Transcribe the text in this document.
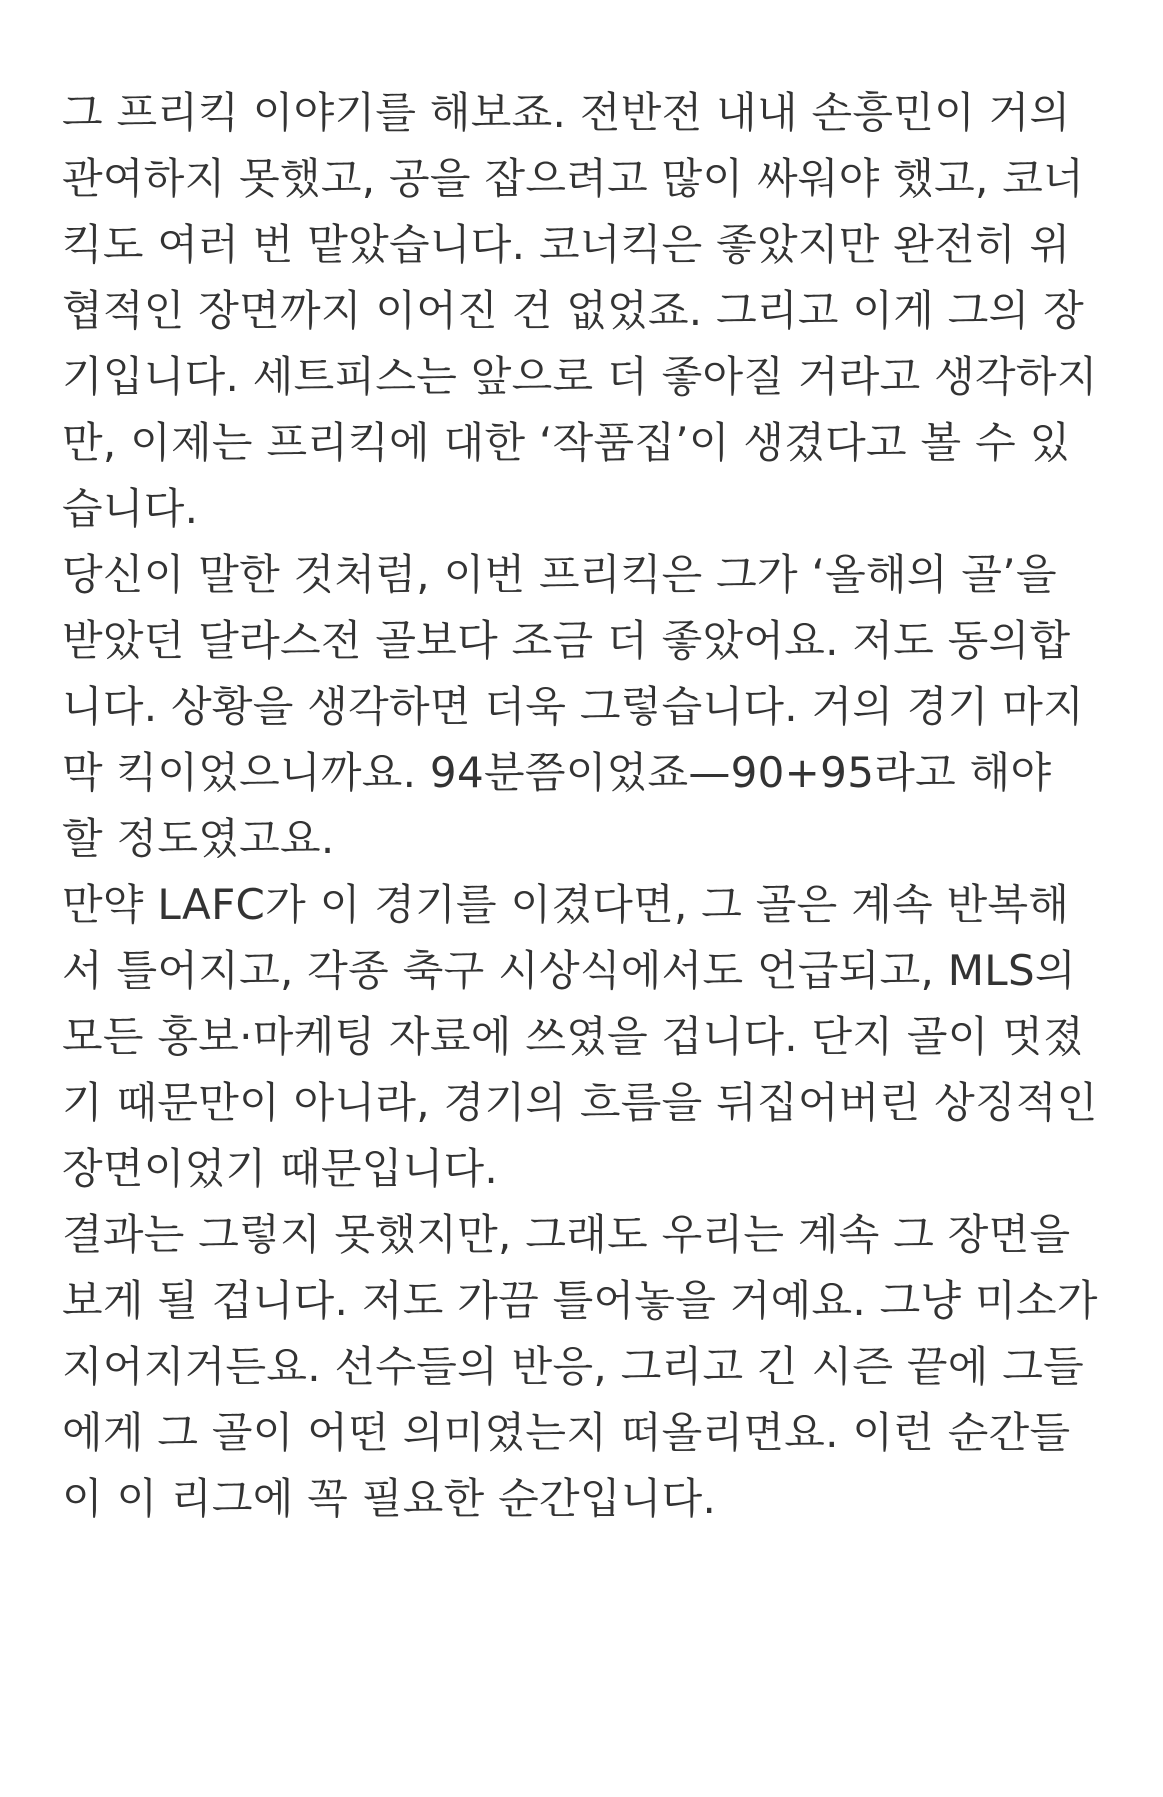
그 프리킥 이야기를 해보죠. 전반전 내내 손흥민이 거의
관여하지 못했고, 공을 잡으려고 많이 싸워야 했고, 코너
킥도 여러 번 맡았습니다. 코너킥은 좋았지만 완전히 위
협적인 장면까지 이어진 건 없었죠. 그리고 이게 그의 장
기입니다. 세트피스는 앞으로 더 좋아질 거라고 생각하지
만, 이제는 프리킥에 대한 ‘작품집’이 생겼다고 볼 수 있
습니다.
당신이 말한 것처럼, 이번 프리킥은 그가 ‘올해의 골’을
받았던 달라스전 골보다 조금 더 좋았어요. 저도 동의합
니다. 상황을 생각하면 더욱 그렇습니다. 거의 경기 마지
막 킥이었으니까요. 94분쯤이었죠—90+95라고 해야
할 정도였고요.
만약 LAFC가 이 경기를 이겼다면, 그 골은 계속 반복해
서 틀어지고, 각종 축구 시상식에서도 언급되고, MLS의
모든 홍보·마케팅 자료에 쓰였을 겁니다. 단지 골이 멋졌
기 때문만이 아니라, 경기의 흐름을 뒤집어버린 상징적인
장면이었기 때문입니다.
결과는 그렇지 못했지만, 그래도 우리는 계속 그 장면을
보게 될 겁니다. 저도 가끔 틀어놓을 거예요. 그냥 미소가
지어지거든요. 선수들의 반응, 그리고 긴 시즌 끝에 그들
에게 그 골이 어떤 의미였는지 떠올리면요. 이런 순간들
이 이 리그에 꼭 필요한 순간입니다.
